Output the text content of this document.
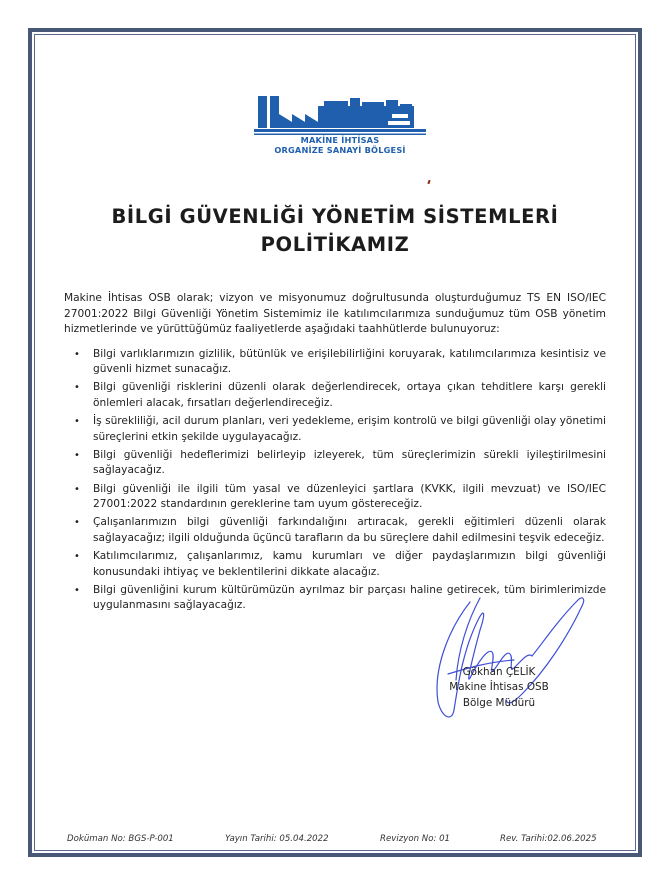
MAKİNE İHTİSAS
ORGANİZE SANAYİ BÖLGESİ
BİLGİ GÜVENLİĞİ YÖNETİM SİSTEMLERİ
POLİTİKAMIZ

Makine İhtisas OSB olarak; vizyon ve misyonumuz doğrultusunda oluşturduğumuz TS EN ISO/IEC 27001:2022 Bilgi Güvenliği Yönetim Sistemimiz ile katılımcılarımıza sunduğumuz tüm OSB yönetim hizmetlerinde ve yürüttüğümüz faaliyetlerde aşağıdaki taahhütlerde bulunuyoruz:

• Bilgi varlıklarımızın gizlilik, bütünlük ve erişilebilirliğini koruyarak, katılımcılarımıza kesintisiz ve güvenli hizmet sunacağız.
• Bilgi güvenliği risklerini düzenli olarak değerlendirecek, ortaya çıkan tehditlere karşı gerekli önlemleri alacak, fırsatları değerlendireceğiz.
• İş sürekliliği, acil durum planları, veri yedekleme, erişim kontrolü ve bilgi güvenliği olay yönetimi süreçlerini etkin şekilde uygulayacağız.
• Bilgi güvenliği hedeflerimizi belirleyip izleyerek, tüm süreçlerimizin sürekli iyileştirilmesini sağlayacağız.
• Bilgi güvenliği ile ilgili tüm yasal ve düzenleyici şartlara (KVKK, ilgili mevzuat) ve ISO/IEC 27001:2022 standardının gereklerine tam uyum göstereceğiz.
• Çalışanlarımızın bilgi güvenliği farkındalığını artıracak, gerekli eğitimleri düzenli olarak sağlayacağız; ilgili olduğunda üçüncü tarafların da bu süreçlere dahil edilmesini teşvik edeceğiz.
• Katılımcılarımız, çalışanlarımız, kamu kurumları ve diğer paydaşlarımızın bilgi güvenliği konusundaki ihtiyaç ve beklentilerini dikkate alacağız.
• Bilgi güvenliğini kurum kültürümüzün ayrılmaz bir parçası haline getirecek, tüm birimlerimizde uygulanmasını sağlayacağız.
Gökhan ÇELİK
Makine İhtisas OSB
Bölge Müdürü
Doküman No: BGS-P-001	Yayın Tarihi: 05.04.2022	Revizyon No: 01	Rev. Tarihi:02.06.2025
